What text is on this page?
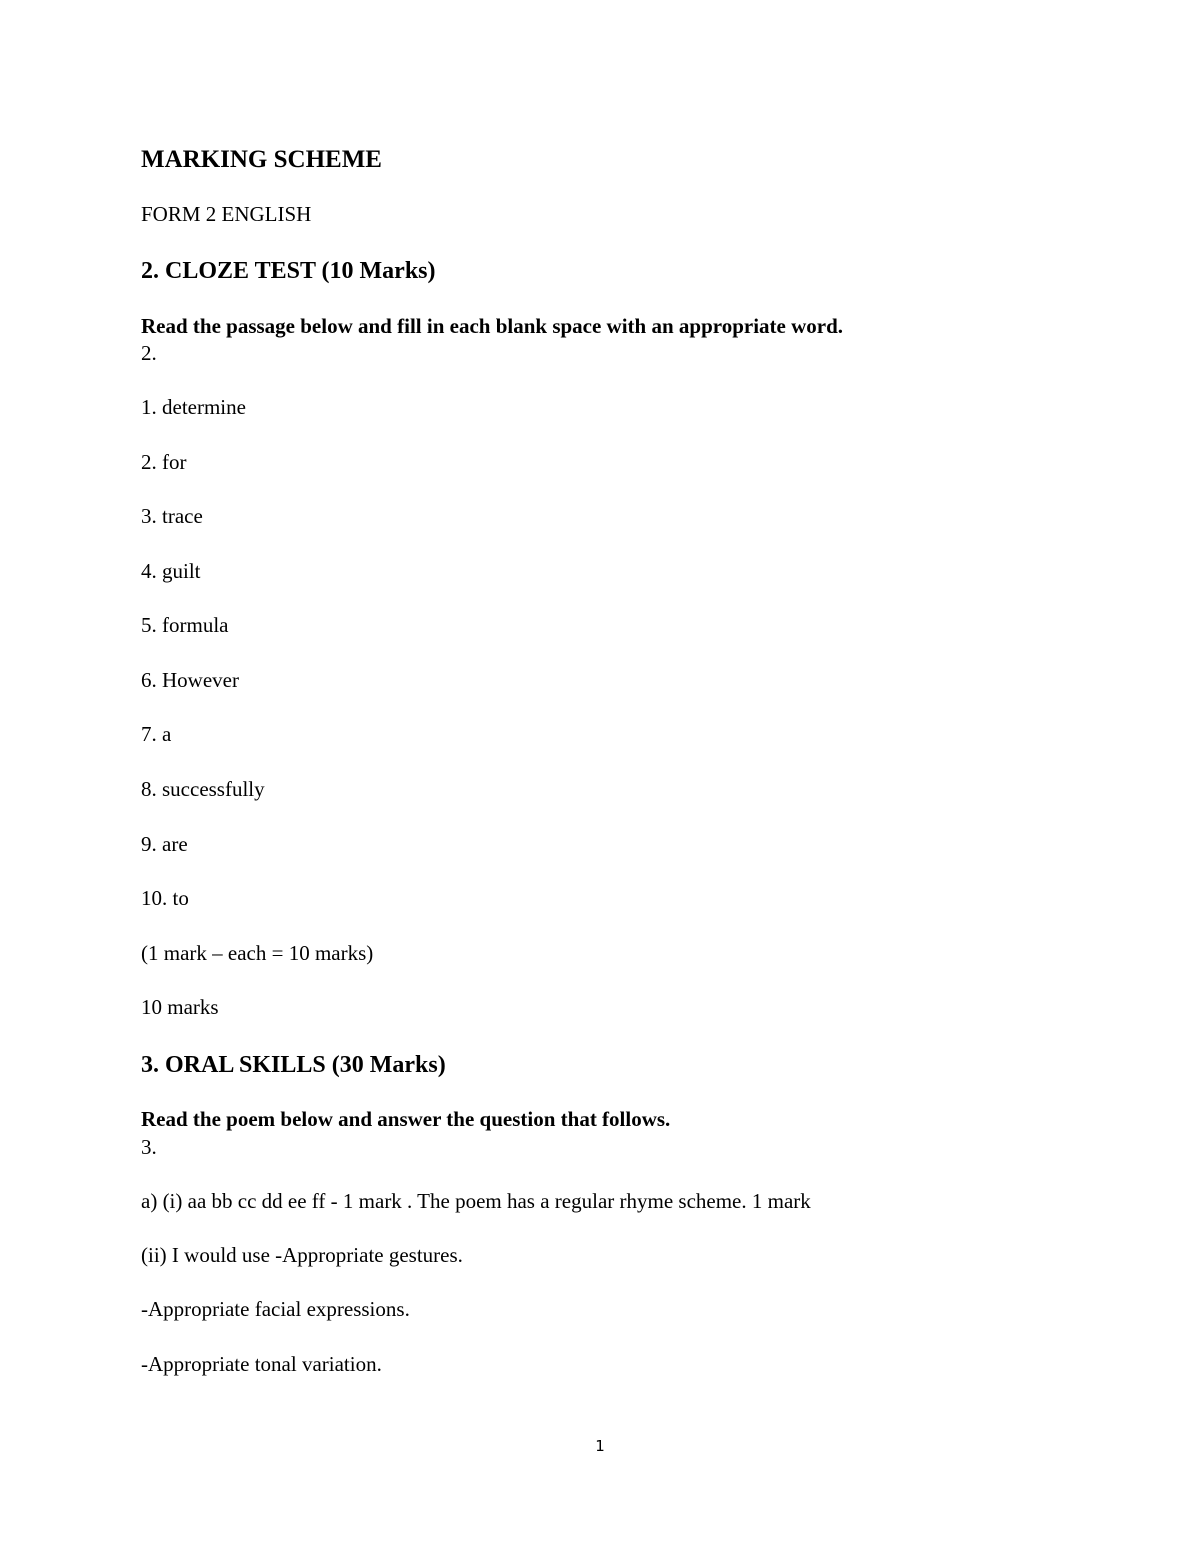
MARKING SCHEME
FORM 2 ENGLISH
2. CLOZE TEST (10 Marks)
Read the passage below and fill in each blank space with an appropriate word.
2.
1. determine
2. for
3. trace
4. guilt
5. formula
6. However
7. a
8. successfully
9. are
10. to
(1 mark – each = 10 marks)
10 marks
3. ORAL SKILLS (30 Marks)
Read the poem below and answer the question that follows.
3.
a) (i) aa bb cc dd ee ff - 1 mark . The poem has a regular rhyme scheme. 1 mark
(ii) I would use -Appropriate gestures.
-Appropriate facial expressions.
-Appropriate tonal variation.
1
